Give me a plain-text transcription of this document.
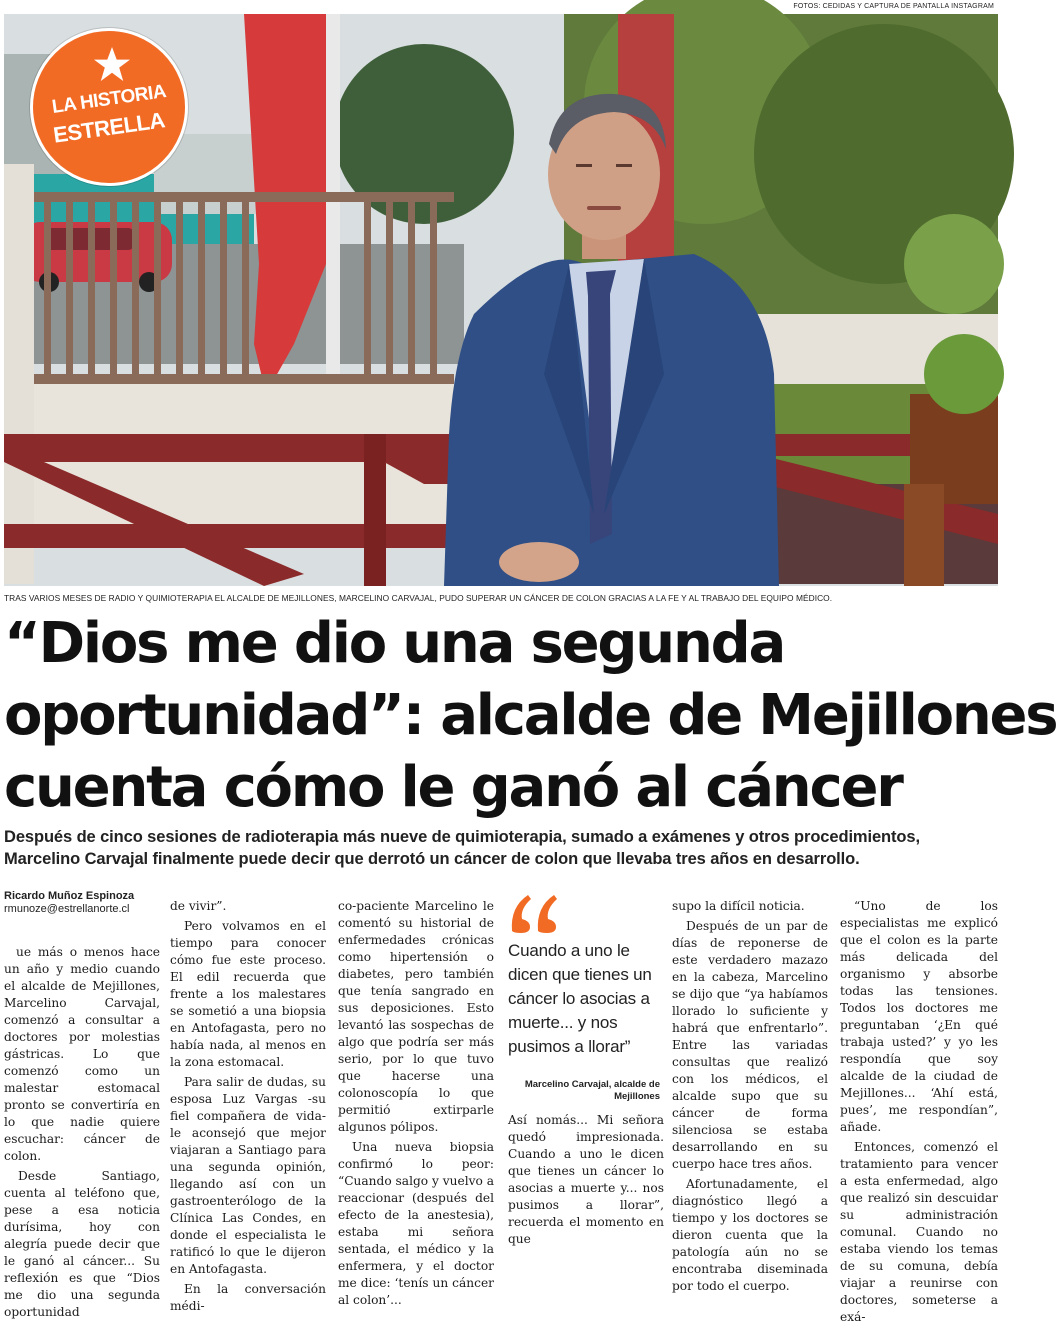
FOTOS: CEDIDAS Y CAPTURA DE PANTALLA INSTAGRAM
LA HISTORIA
ESTRELLA
TRAS VARIOS MESES DE RADIO Y QUIMIOTERAPIA EL ALCALDE DE MEJILLONES, MARCELINO CARVAJAL, PUDO SUPERAR UN CÁNCER DE COLON GRACIAS A LA FE Y AL TRABAJO DEL EQUIPO MÉDICO.
“Dios me dio una segunda
oportunidad”: alcalde de Mejillones
cuenta cómo le ganó al cáncer
Después de cinco sesiones de radioterapia más nueve de quimioterapia, sumado a exámenes y otros procedimientos, Marcelino Carvajal finalmente puede decir que derrotó un cáncer de colon que llevaba tres años en desarrollo.
Ricardo Muñoz Espinoza
rmunoze@estrellanorte.cl

ue más o menos hace un año y medio cuando el alcalde de Mejillones, Marcelino Carvajal, comenzó a consultar a doctores por molestias gástricas. Lo que comenzó como un malestar estomacal pronto se convertiría en lo que nadie quiere escuchar: cáncer de colon.

Desde Santiago, cuenta al teléfono que, pese a esa noticia durísima, hoy con alegría puede decir que le ganó al cáncer... Su reflexión es que “Dios me dio una segunda oportunidad

de vivir”.

Pero volvamos en el tiempo para conocer cómo fue este proceso. El edil recuerda que frente a los malestares se sometió a una biopsia en Antofagasta, pero no había nada, al menos en la zona estomacal.

Para salir de dudas, su esposa Luz Vargas -su fiel compañera de vida- le aconsejó que mejor viajaran a Santiago para una segunda opinión, llegando así con un gastroenterólogo de la Clínica Las Condes, en donde el especialista le ratificó lo que le dijeron en Antofagasta.

En la conversación médi-

co-paciente Marcelino le comentó su historial de enfermedades crónicas como hipertensión o diabetes, pero también que tenía sangrado en sus deposiciones. Esto levantó las sospechas de algo que podría ser más serio, por lo que tuvo que hacerse una colonoscopía lo que permitió extirparle algunos pólipos.

Una nueva biopsia confirmó lo peor: “Cuando salgo y vuelvo a reaccionar (después del efecto de la anestesia), estaba mi señora sentada, el médico y la enfermera, y el doctor me dice: ‘tenís un cáncer al colon’...

Cuando a uno le dicen que tienes un cáncer lo asocias a muerte... y nos pusimos a llorar”
Marcelino Carvajal, alcalde de Mejillones

Así nomás... Mi señora quedó impresionada. Cuando a uno le dicen que tienes un cáncer lo asocias a muerte y... nos pusimos a llorar”, recuerda el momento en que

supo la difícil noticia.

Después de un par de días de reponerse de este verdadero mazazo en la cabeza, Marcelino se dijo que “ya habíamos llorado lo suficiente y habrá que enfrentarlo”. Entre las variadas consultas que realizó con los médicos, el alcalde supo que su cáncer de forma silenciosa se estaba desarrollando en su cuerpo hace tres años.

Afortunadamente, el diagnóstico llegó a tiempo y los doctores se dieron cuenta que la patología aún no se encontraba diseminada por todo el cuerpo.

“Uno de los especialistas me explicó que el colon es la parte más delicada del organismo y absorbe todas las tensiones. Todos los doctores me preguntaban ‘¿En qué trabaja usted?’ y yo les respondía que soy alcalde de la ciudad de Mejillones... ‘Ahí está, pues’, me respondían”, añade.

Entonces, comenzó el tratamiento para vencer a esta enfermedad, algo que realizó sin descuidar su administración comunal. Cuando no estaba viendo los temas de su comuna, debía viajar a reunirse con doctores, someterse a exá-
